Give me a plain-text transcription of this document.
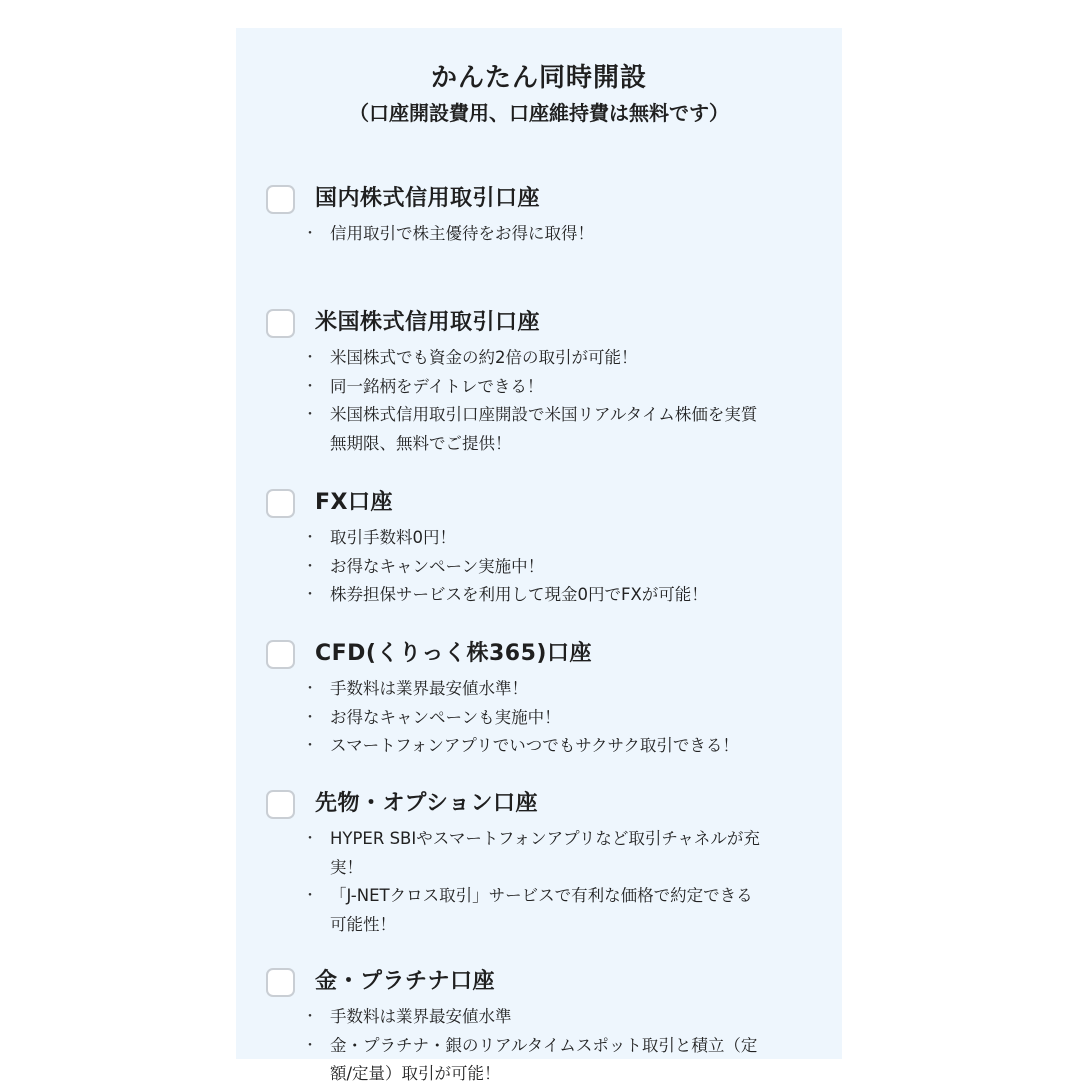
かんたん同時開設

（口座開設費用、口座維持費は無料です）

国内株式信用取引口座
・ 信用取引で株主優待をお得に取得！
米国株式信用取引口座
・ 米国株式でも資金の約2倍の取引が可能！
・ 同一銘柄をデイトレできる！
・ 米国株式信用取引口座開設で米国リアルタイム株価を実質無期限、無料でご提供！
FX口座
・ 取引手数料0円！
・ お得なキャンペーン実施中！
・ 株券担保サービスを利用して現金0円でFXが可能！
CFD(くりっく株365)口座
・ 手数料は業界最安値水準！
・ お得なキャンペーンも実施中！
・ スマートフォンアプリでいつでもサクサク取引できる！
先物・オプション口座
・ HYPER SBIやスマートフォンアプリなど取引チャネルが充実！
・ 「J-NETクロス取引」サービスで有利な価格で約定できる可能性！
金・プラチナ口座
・ 手数料は業界最安値水準
・ 金・プラチナ・銀のリアルタイムスポット取引と積立（定額/定量）取引が可能！
